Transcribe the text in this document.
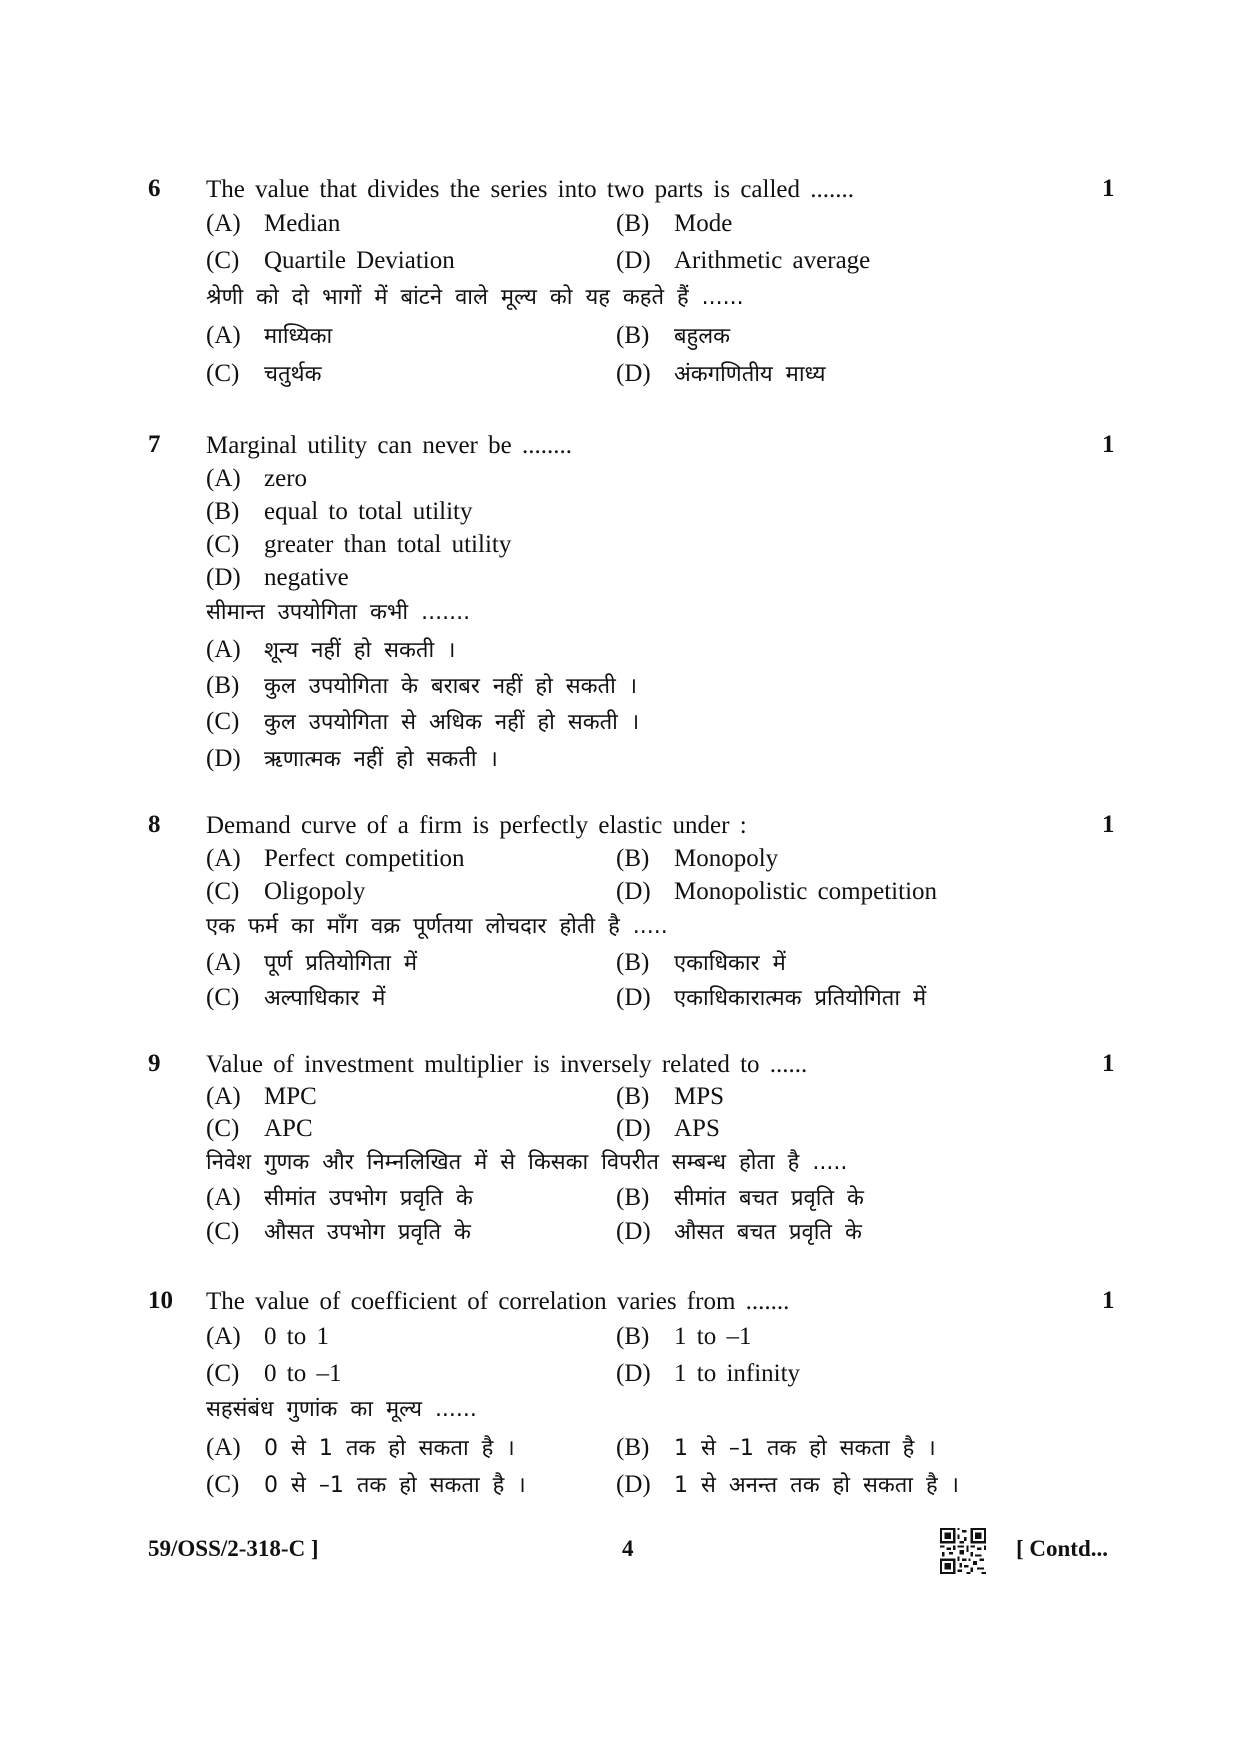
6 The value that divides the series into two parts is called .......	1
(A) Median	(B) Mode
(C) Quartile Deviation	(D) Arithmetic average
श्रेणी को दो भागों में बांटने वाले मूल्य को यह कहते हैं ......
(A) माध्यिका	(B) बहुलक
(C) चतुर्थक	(D) अंकगणितीय माध्य
7 Marginal utility can never be ........	1
(A) zero
(B) equal to total utility
(C) greater than total utility
(D) negative
सीमान्त उपयोगिता कभी .......
(A) शून्य नहीं हो सकती ।
(B) कुल उपयोगिता के बराबर नहीं हो सकती ।
(C) कुल उपयोगिता से अधिक नहीं हो सकती ।
(D) ऋणात्मक नहीं हो सकती ।
8 Demand curve of a firm is perfectly elastic under :	1
(A) Perfect competition	(B) Monopoly
(C) Oligopoly	(D) Monopolistic competition
एक फर्म का माँग वक्र पूर्णतया लोचदार होती है .....
(A) पूर्ण प्रतियोगिता में	(B) एकाधिकार में
(C) अल्पाधिकार में	(D) एकाधिकारात्मक प्रतियोगिता में
9 Value of investment multiplier is inversely related to ......	1
(A) MPC	(B) MPS
(C) APC	(D) APS
निवेश गुणक और निम्नलिखित में से किसका विपरीत सम्बन्ध होता है .....
(A) सीमांत उपभोग प्रवृति के	(B) सीमांत बचत प्रवृति के
(C) औसत उपभोग प्रवृति के	(D) औसत बचत प्रवृति के
10 The value of coefficient of correlation varies from .......	1
(A) 0 to 1	(B) 1 to –1
(C) 0 to –1	(D) 1 to infinity
सहसंबंध गुणांक का मूल्य ......
(A) 0 से 1 तक हो सकता है ।	(B) 1 से –1 तक हो सकता है ।
(C) 0 से –1 तक हो सकता है ।	(D) 1 से अनन्त तक हो सकता है ।
59/OSS/2-318-C ]	4	[ Contd...
